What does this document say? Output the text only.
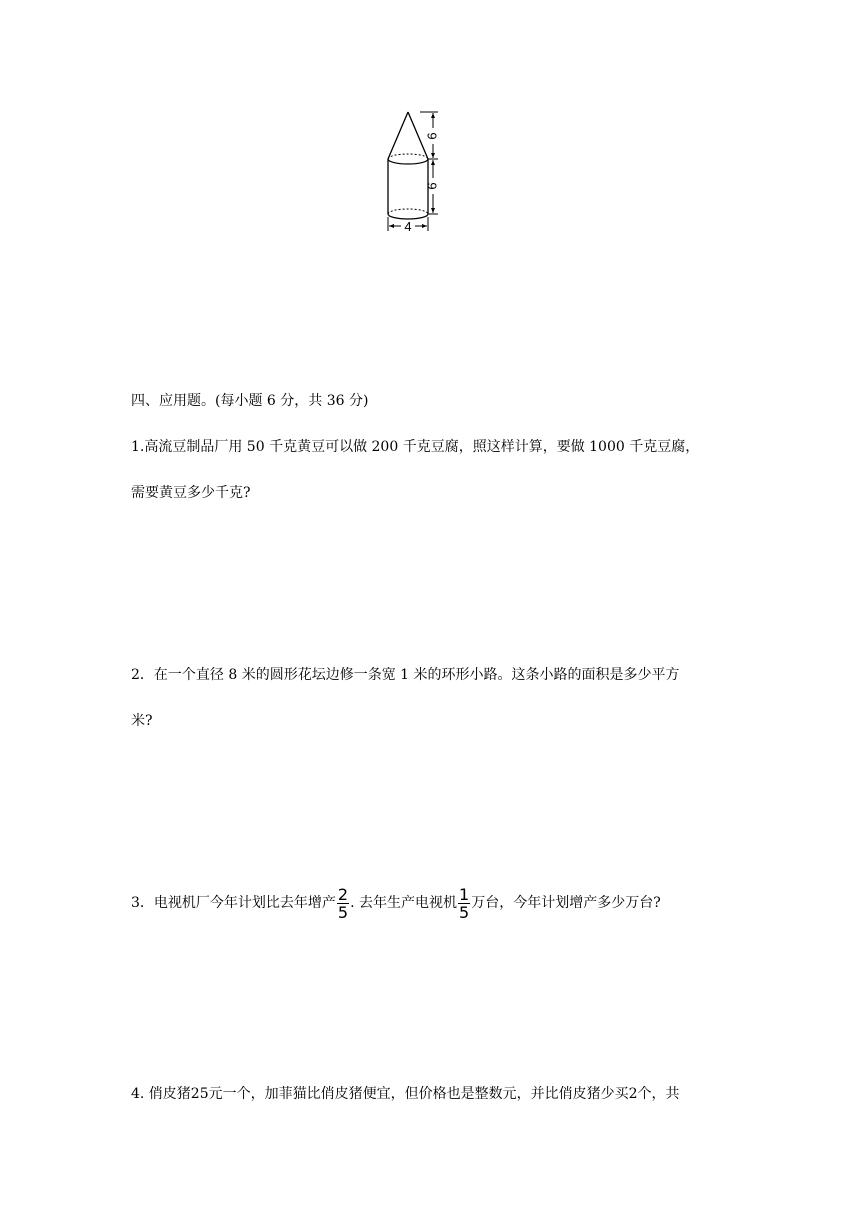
6
6
4
四、应用题。(每小题 6 分，共 36 分)
1.高流豆制品厂用 50 千克黄豆可以做 200 千克豆腐，照这样计算，要做 1000 千克豆腐，
需要黄豆多少千克?
2．在一个直径 8 米的圆形花坛边修一条宽 1 米的环形小路。这条小路的面积是多少平方
米?
3．电视机厂今年计划比去年增产 $\frac{2}{5}$ . 去年生产电视机 $\frac{1}{5}$ 万台，今年计划增产多少万台?
4. 俏皮猪25元一个，加菲猫比俏皮猪便宜，但价格也是整数元，并比俏皮猪少买2个，共
